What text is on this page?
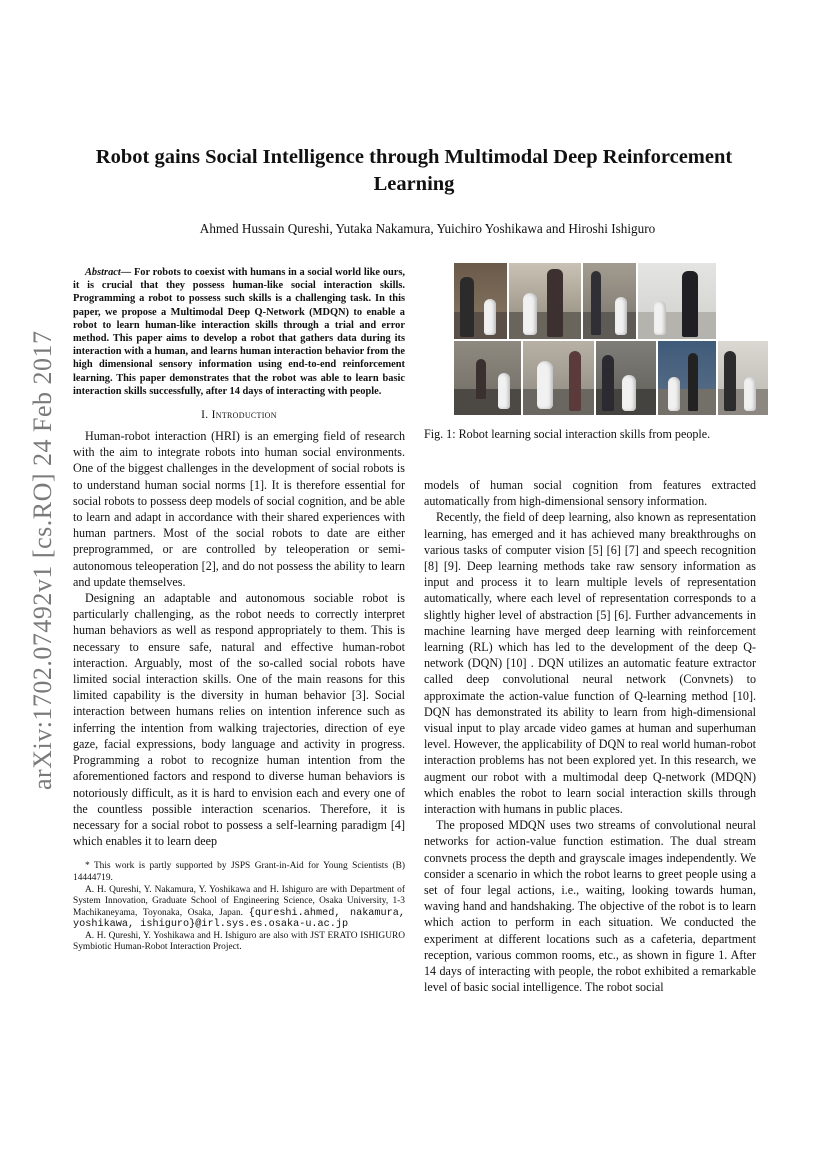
arXiv:1702.07492v1 [cs.RO] 24 Feb 2017
Robot gains Social Intelligence through Multimodal Deep Reinforcement Learning
Ahmed Hussain Qureshi, Yutaka Nakamura, Yuichiro Yoshikawa and Hiroshi Ishiguro

Abstract— For robots to coexist with humans in a social world like ours, it is crucial that they possess human-like social interaction skills. Programming a robot to possess such skills is a challenging task. In this paper, we propose a Multimodal Deep Q-Network (MDQN) to enable a robot to learn human-like interaction skills through a trial and error method. This paper aims to develop a robot that gathers data during its interaction with a human, and learns human interaction behavior from the high dimensional sensory information using end-to-end reinforcement learning. This paper demonstrates that the robot was able to learn basic interaction skills successfully, after 14 days of interacting with people.

I. Introduction

Human-robot interaction (HRI) is an emerging field of research with the aim to integrate robots into human social environments. One of the biggest challenges in the development of social robots is to understand human social norms [1]. It is therefore essential for social robots to possess deep models of social cognition, and be able to learn and adapt in accordance with their shared experiences with human partners. Most of the social robots to date are either preprogrammed, or are controlled by teleoperation or semi-autonomous teleoperation [2], and do not possess the ability to learn and update themselves.

Designing an adaptable and autonomous sociable robot is particularly challenging, as the robot needs to correctly interpret human behaviors as well as respond appropriately to them. This is necessary to ensure safe, natural and effective human-robot interaction. Arguably, most of the so-called social robots have limited social interaction skills. One of the main reasons for this limited capability is the diversity in human behavior [3]. Social interaction between humans relies on intention inference such as inferring the intention from walking trajectories, direction of eye gaze, facial expressions, body language and activity in progress. Programming a robot to recognize human intention from the aforementioned factors and respond to diverse human behaviors is notoriously difficult, as it is hard to envision each and every one of the countless possible interaction scenarios. Therefore, it is necessary for a social robot to possess a self-learning paradigm [4] which enables it to learn deep

* This work is partly supported by JSPS Grant-in-Aid for Young Scientists (B) 14444719.

A. H. Qureshi, Y. Nakamura, Y. Yoshikawa and H. Ishiguro are with Department of System Innovation, Graduate School of Engineering Science, Osaka University, 1-3 Machikaneyama, Toyonaka, Osaka, Japan. {qureshi.ahmed, nakamura, yoshikawa, ishiguro}@irl.sys.es.osaka-u.ac.jp

A. H. Qureshi, Y. Yoshikawa and H. Ishiguro are also with JST ERATO ISHIGURO Symbiotic Human-Robot Interaction Project.

Fig. 1: Robot learning social interaction skills from people.

models of human social cognition from features extracted automatically from high-dimensional sensory information.

Recently, the field of deep learning, also known as representation learning, has emerged and it has achieved many breakthroughs on various tasks of computer vision [5] [6] [7] and speech recognition [8] [9]. Deep learning methods take raw sensory information as input and process it to learn multiple levels of representation automatically, where each level of representation corresponds to a slightly higher level of abstraction [5] [6]. Further advancements in machine learning have merged deep learning with reinforcement learning (RL) which has led to the development of the deep Q-network (DQN) [10] . DQN utilizes an automatic feature extractor called deep convolutional neural network (Convnets) to approximate the action-value function of Q-learning method [10]. DQN has demonstrated its ability to learn from high-dimensional visual input to play arcade video games at human and superhuman level. However, the applicability of DQN to real world human-robot interaction problems has not been explored yet. In this research, we augment our robot with a multimodal deep Q-network (MDQN) which enables the robot to learn social interaction skills through interaction with humans in public places.

The proposed MDQN uses two streams of convolutional neural networks for action-value function estimation. The dual stream convnets process the depth and grayscale images independently. We consider a scenario in which the robot learns to greet people using a set of four legal actions, i.e., waiting, looking towards human, waving hand and handshaking. The objective of the robot is to learn which action to perform in each situation. We conducted the experiment at different locations such as a cafeteria, department reception, various common rooms, etc., as shown in figure 1. After 14 days of interacting with people, the robot exhibited a remarkable level of basic social intelligence. The robot social
